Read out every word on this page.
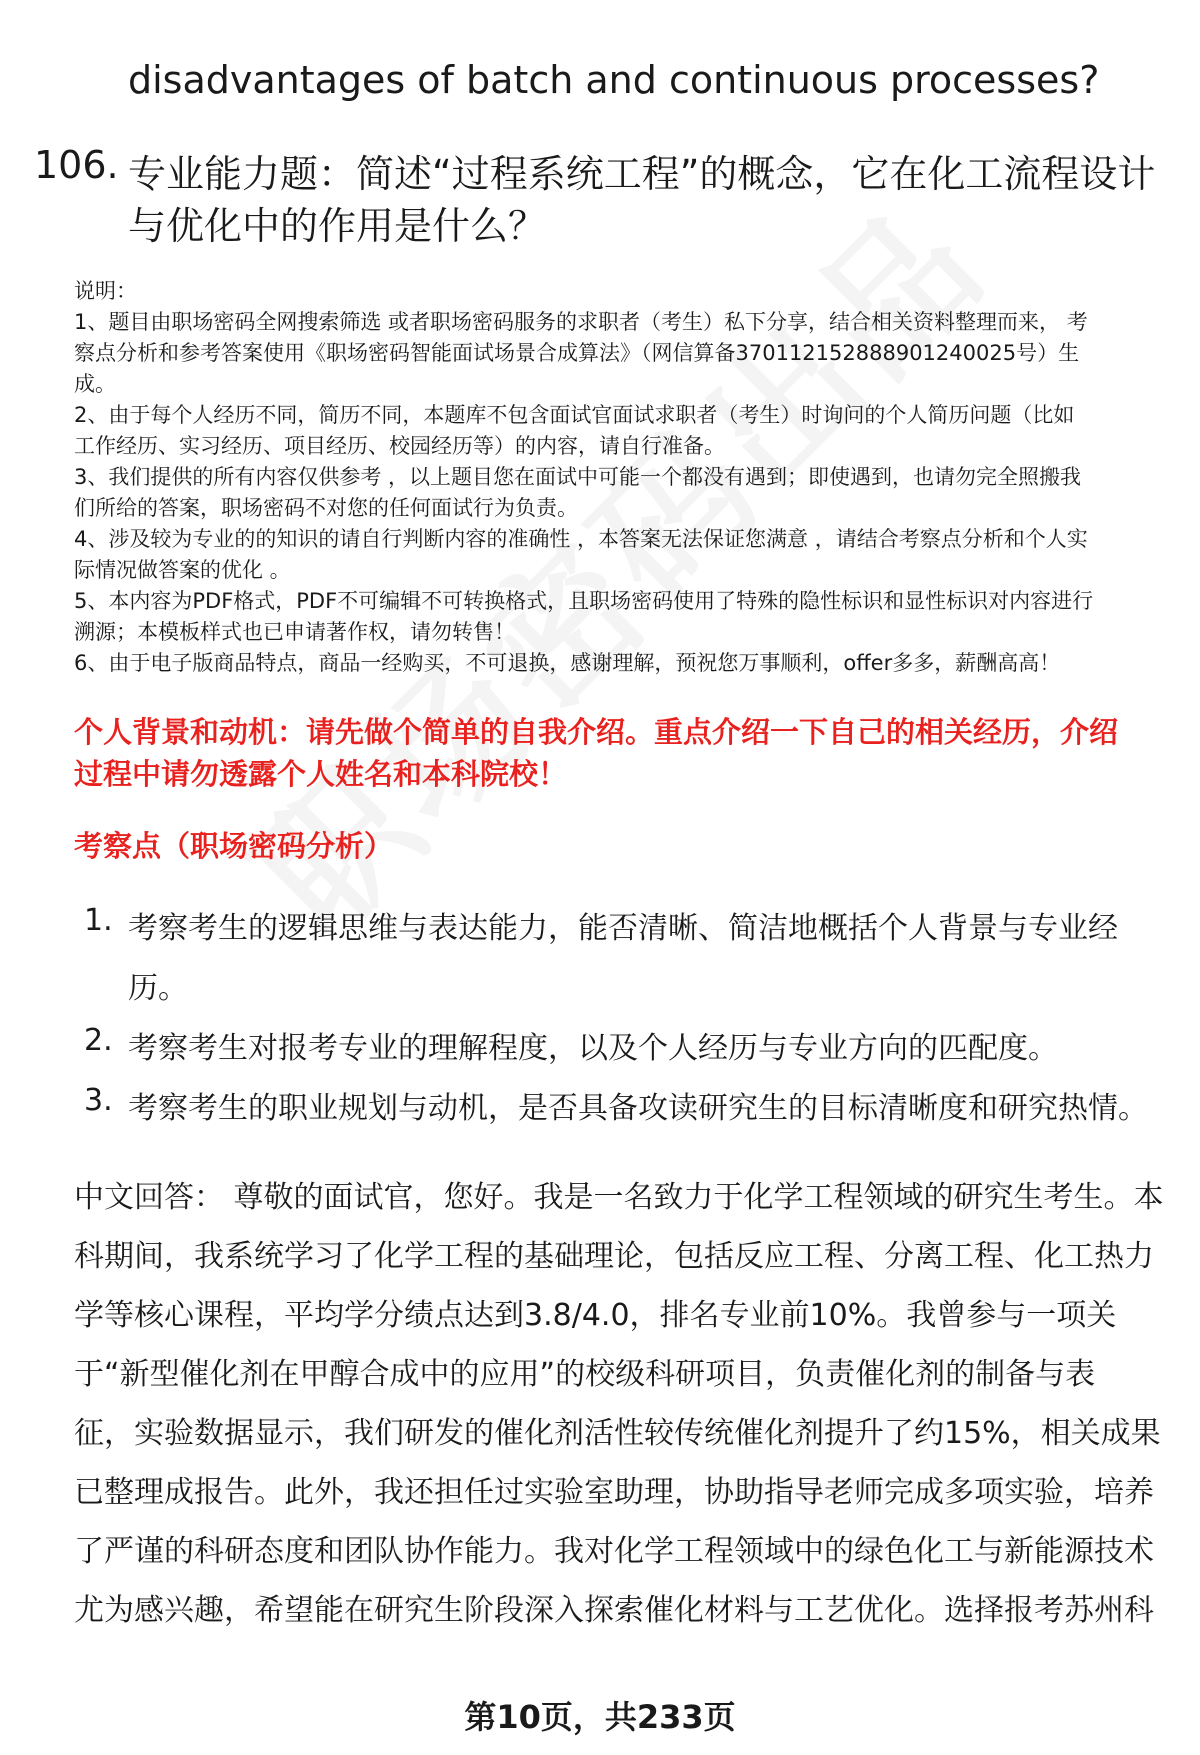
disadvantages of batch and continuous processes?
106. 专业能力题：简述“过程系统工程”的概念，它在化工流程设计
与优化中的作用是什么？
说明：
1、题目由职场密码全网搜索筛选 或者职场密码服务的求职者（考生）私下分享，结合相关资料整理而来， 考
察点分析和参考答案使用《职场密码智能面试场景合成算法》（网信算备370112152888901240025号）生
成。
2、由于每个人经历不同，简历不同，本题库不包含面试官面试求职者（考生）时询问的个人简历问题（比如
工作经历、实习经历、项目经历、校园经历等）的内容，请自行准备。
3、我们提供的所有内容仅供参考 ，以上题目您在面试中可能一个都没有遇到；即使遇到，也请勿完全照搬我
们所给的答案，职场密码不对您的任何面试行为负责。
4、涉及较为专业的的知识的请自行判断内容的准确性 ，本答案无法保证您满意 ，请结合考察点分析和个人实
际情况做答案的优化 。
5、本内容为PDF格式，PDF不可编辑不可转换格式，且职场密码使用了特殊的隐性标识和显性标识对内容进行
溯源；本模板样式也已申请著作权，请勿转售！
6、由于电子版商品特点，商品一经购买，不可退换，感谢理解，预祝您万事顺利，offer多多，薪酬高高！
个人背景和动机：请先做个简单的自我介绍。重点介绍一下自己的相关经历，介绍
过程中请勿透露个人姓名和本科院校！
考察点（职场密码分析）
1. 考察考生的逻辑思维与表达能力，能否清晰、简洁地概括个人背景与专业经
历。
2. 考察考生对报考专业的理解程度，以及个人经历与专业方向的匹配度。
3. 考察考生的职业规划与动机，是否具备攻读研究生的目标清晰度和研究热情。
中文回答： 尊敬的面试官，您好。我是一名致力于化学工程领域的研究生考生。本
科期间，我系统学习了化学工程的基础理论，包括反应工程、分离工程、化工热力
学等核心课程，平均学分绩点达到3.8/4.0，排名专业前10%。我曾参与一项关
于“新型催化剂在甲醇合成中的应用”的校级科研项目，负责催化剂的制备与表
征，实验数据显示，我们研发的催化剂活性较传统催化剂提升了约15%，相关成果
已整理成报告。此外，我还担任过实验室助理，协助指导老师完成多项实验，培养
了严谨的科研态度和团队协作能力。我对化学工程领域中的绿色化工与新能源技术
尤为感兴趣，希望能在研究生阶段深入探索催化材料与工艺优化。选择报考苏州科
第10页，共233页
